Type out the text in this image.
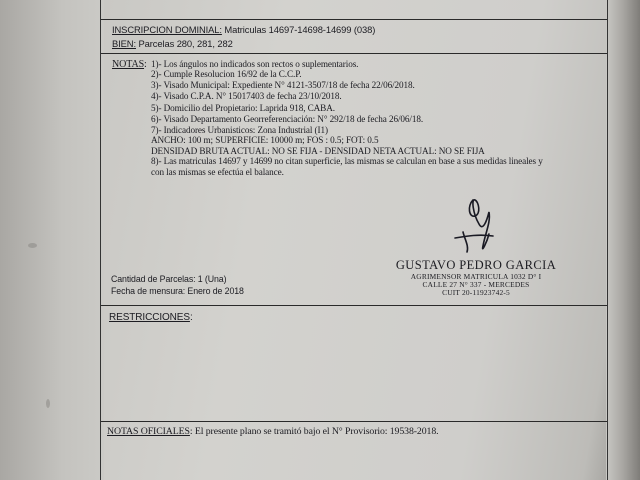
INSCRIPCION DOMINIAL: Matriculas 14697-14698-14699 (038)
BIEN: Parcelas 280, 281, 282
NOTAS: 1)- Los ángulos no indicados son rectos o suplementarios.
2)- Cumple Resolucion 16/92 de la C.C.P.
3)- Visado Municipal: Expediente N° 4121-3507/18 de fecha 22/06/2018.
4)- Visado C.P.A. N° 15017403 de fecha 23/10/2018.
5)- Domicilio del Propietario: Laprida 918, CABA.
6)- Visado Departamento Georreferenciación: N° 292/18 de fecha 26/06/18.
7)- Indicadores Urbanisticos: Zona Industrial (I1)
ANCHO: 100 m; SUPERFICIE: 10000 m; FOS : 0.5; FOT: 0.5
DENSIDAD BRUTA ACTUAL: NO SE FIJA - DENSIDAD NETA ACTUAL: NO SE FIJA
8)- Las matriculas 14697 y 14699 no citan superficie, las mismas se calculan en base a sus medidas lineales y
con las mismas se efectúa el balance.
GUSTAVO PEDRO GARCIA
AGRIMENSOR MATRICULA 1032 D° I
CALLE 27 N° 337 - MERCEDES
CUIT 20-11923742-5
Cantidad de Parcelas: 1 (Una)
Fecha de mensura: Enero de 2018
RESTRICCIONES:
NOTAS OFICIALES: El presente plano se tramitó bajo el N° Provisorio: 19538-2018.
